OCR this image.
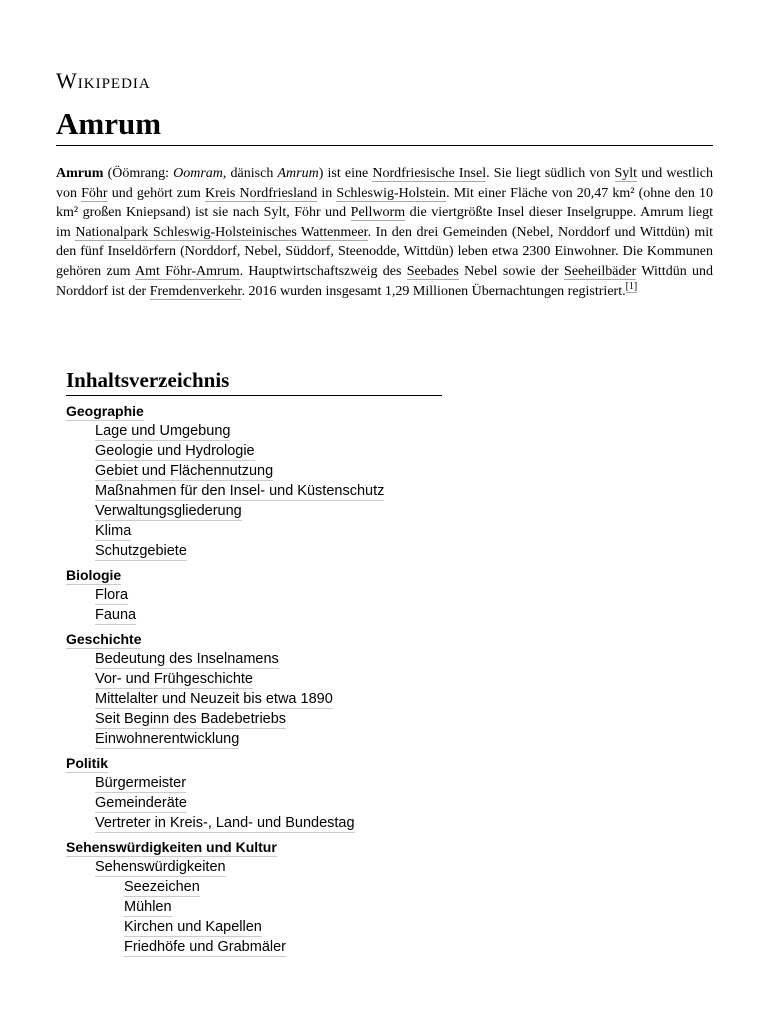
Wikipedia
Amrum

Amrum (Öömrang: Oomram, dänisch Amrum) ist eine Nordfriesische Insel. Sie liegt südlich von Sylt und westlich von Föhr und gehört zum Kreis Nordfriesland in Schleswig-Holstein. Mit einer Fläche von 20,47 km² (ohne den 10 km² großen Kniepsand) ist sie nach Sylt, Föhr und Pellworm die viertgrößte Insel dieser Inselgruppe. Amrum liegt im Nationalpark Schleswig-Holsteinisches Wattenmeer. In den drei Gemeinden (Nebel, Norddorf und Wittdün) mit den fünf Inseldörfern (Norddorf, Nebel, Süddorf, Steenodde, Wittdün) leben etwa 2300 Einwohner. Die Kommunen gehören zum Amt Föhr-Amrum. Hauptwirtschaftszweig des Seebades Nebel sowie der Seeheilbäder Wittdün und Norddorf ist der Fremdenverkehr. 2016 wurden insgesamt 1,29 Millionen Übernachtungen registriert.[1]

Inhaltsverzeichnis
Geographie
Lage und Umgebung
Geologie und Hydrologie
Gebiet und Flächennutzung
Maßnahmen für den Insel- und Küstenschutz
Verwaltungsgliederung
Klima
Schutzgebiete
Biologie
Flora
Fauna
Geschichte
Bedeutung des Inselnamens
Vor- und Frühgeschichte
Mittelalter und Neuzeit bis etwa 1890
Seit Beginn des Badebetriebs
Einwohnerentwicklung
Politik
Bürgermeister
Gemeinderäte
Vertreter in Kreis-, Land- und Bundestag
Sehenswürdigkeiten und Kultur
Sehenswürdigkeiten
Seezeichen
Mühlen
Kirchen und Kapellen
Friedhöfe und Grabmäler
